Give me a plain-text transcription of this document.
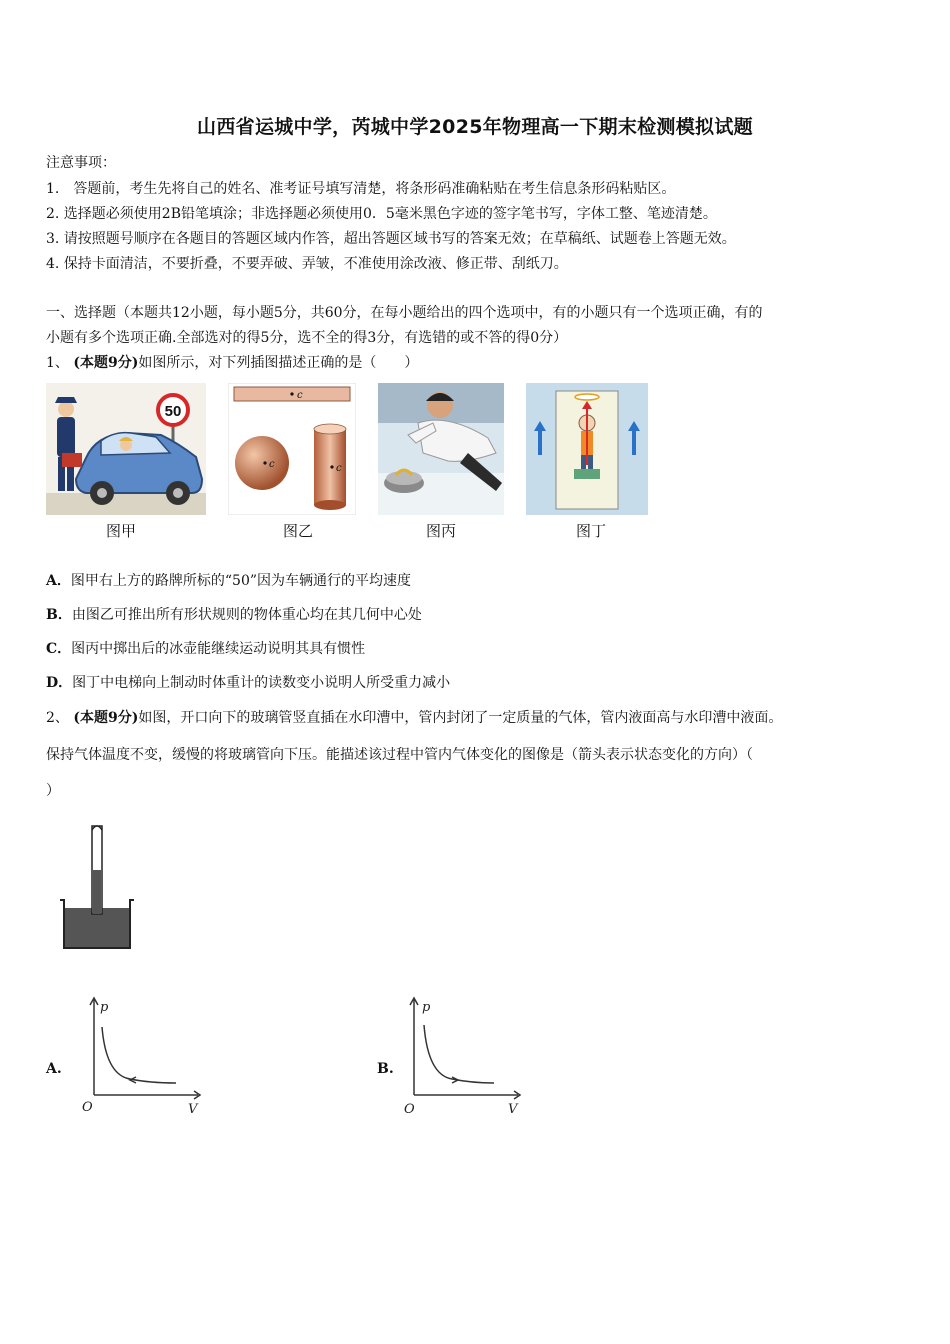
山西省运城中学，芮城中学2025年物理高一下期末检测模拟试题
注意事项：
1.　答题前，考生先将自己的姓名、准考证号填写清楚，将条形码准确粘贴在考生信息条形码粘贴区。
2. 选择题必须使用2B铅笔填涂；非选择题必须使用0．5毫米黑色字迹的签字笔书写，字体工整、笔迹清楚。
3. 请按照题号顺序在各题目的答题区域内作答，超出答题区域书写的答案无效；在草稿纸、试题卷上答题无效。
4. 保持卡面清洁，不要折叠，不要弄破、弄皱，不准使用涂改液、修正带、刮纸刀。
一、选择题（本题共12小题，每小题5分，共60分，在每小题给出的四个选项中，有的小题只有一个选项正确，有的
小题有多个选项正确.全部选对的得5分，选不全的得3分，有选错的或不答的得0分）
1、 (本题9分)如图所示，对下列插图描述正确的是（　　）
50
图甲
c
c	c
图乙	图丙	图丁
A．图甲右上方的路牌所标的“50”因为车辆通行的平均速度
B．由图乙可推出所有形状规则的物体重心均在其几何中心处
C．图丙中掷出后的冰壶能继续运动说明其具有惯性
D．图丁中电梯向上制动时体重计的读数变小说明人所受重力减小
2、 (本题9分)如图，开口向下的玻璃管竖直插在水印漕中，管内封闭了一定质量的气体，管内液面高与水印漕中液面。
保持气体温度不变，缓慢的将玻璃管向下压。能描述该过程中管内气体变化的图像是（箭头表示状态变化的方向）（
）
A.
p
V
O
B.
p
V
O
